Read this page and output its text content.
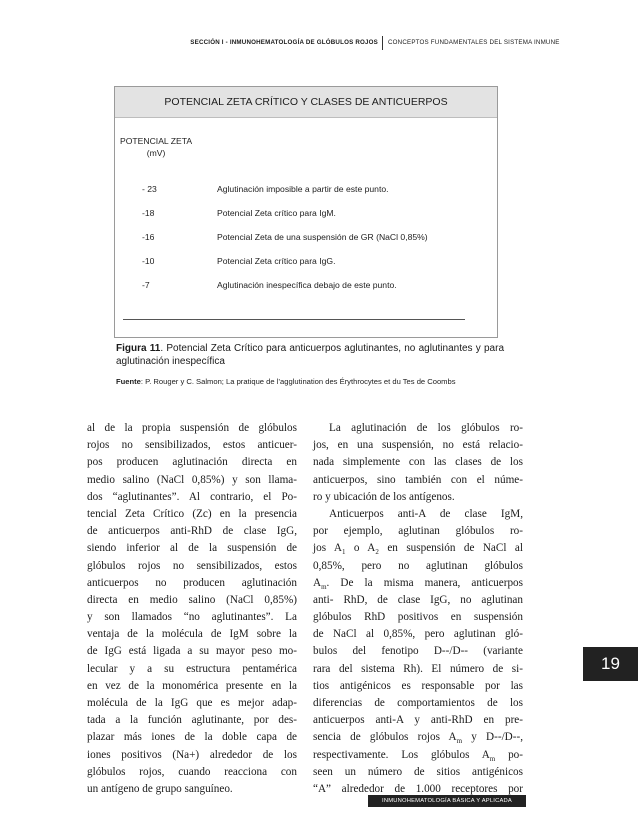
SECCIÓN I - INMUNOHEMATOLOGÍA DE GLÓBULOS ROJOS CONCEPTOS FUNDAMENTALES DEL SISTEMA INMUNE
POTENCIAL ZETA CRÍTICO Y CLASES DE ANTICUERPOS
POTENCIAL ZETA
(mV)
- 23	Aglutinación imposible a partir de este punto.
-18	Potencial Zeta crítico para IgM.
-16	Potencial Zeta de una suspensión de GR (NaCl 0,85%)
-10	Potencial Zeta crítico para IgG.
-7	Aglutinación inespecífica debajo de este punto.
Figura 11. Potencial Zeta Crítico para anticuerpos aglutinantes, no aglutinantes y para aglutinación inespecífica
Fuente: P. Rouger y C. Salmon; La pratique de l’agglutination des Érythrocytes et du Tes de Coombs
al de la propia suspensión de glóbulos
rojos no sensibilizados, estos anticuer-
pos producen aglutinación directa en
medio salino (NaCl 0,85%) y son llama-
dos “aglutinantes”. Al contrario, el Po-
tencial Zeta Crítico (Zc) en la presencia
de anticuerpos anti-RhD de clase IgG,
siendo inferior al de la suspensión de
glóbulos rojos no sensibilizados, estos
anticuerpos no producen aglutinación
directa en medio salino (NaCl 0,85%)
y son llamados “no aglutinantes”. La
ventaja de la molécula de IgM sobre la
de IgG está ligada a su mayor peso mo-
lecular y a su estructura pentamérica
en vez de la monomérica presente en la
molécula de la IgG que es mejor adap-
tada a la función aglutinante, por des-
plazar más iones de la doble capa de
iones positivos (Na+) alrededor de los
glóbulos rojos, cuando reacciona con
un antígeno de grupo sanguíneo.
La aglutinación de los glóbulos ro-
jos, en una suspensión, no está relacio-
nada simplemente con las clases de los
anticuerpos, sino también con el núme-
ro y ubicación de los antígenos.
Anticuerpos anti-A de clase IgM,
por ejemplo, aglutinan glóbulos ro-
jos $A_1$ o $A_2$ en suspensión de NaCl al
0,85%, pero no aglutinan glóbulos
$A_m$. De la misma manera, anticuerpos
anti- RhD, de clase IgG, no aglutinan
glóbulos RhD positivos en suspensión
de NaCl al 0,85%, pero aglutinan gló-
bulos del fenotipo D--/D-- (variante
rara del sistema Rh). El número de si-
tios antigénicos es responsable por las
diferencias de comportamientos de los
anticuerpos anti-A y anti-RhD en pre-
sencia de glóbulos rojos $A_m$ y D--/D--,
respectivamente. Los glóbulos $A_m$ po-
seen un número de sitios antigénicos
“A” alrededor de 1.000 receptores por
19
INMUNOHEMATOLOGÍA BÁSICA Y APLICADA
